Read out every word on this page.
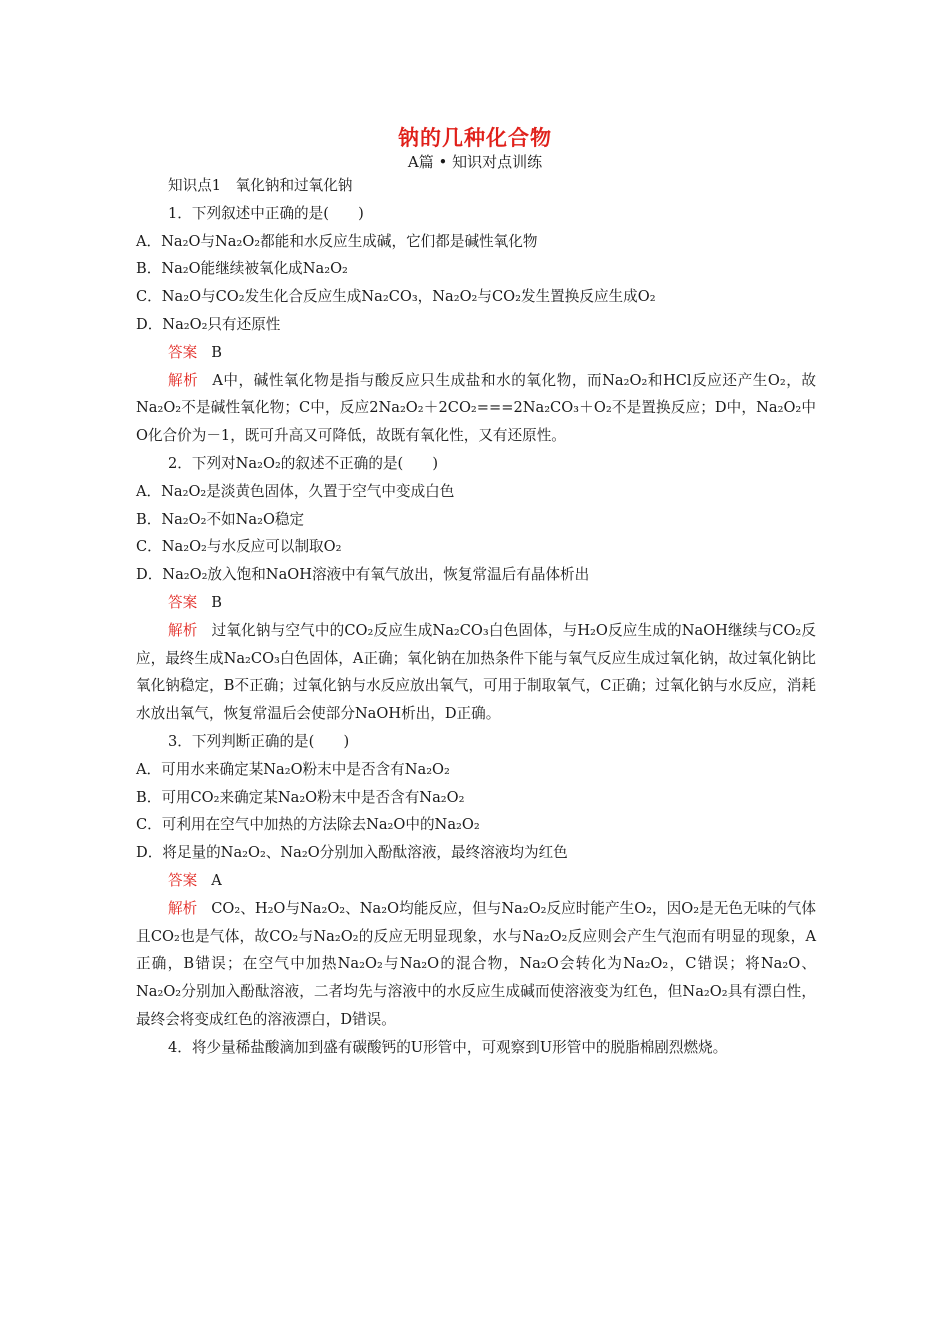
钠的几种化合物
A篇 • 知识对点训练
知识点1　氧化钠和过氧化钠
1．下列叙述中正确的是(　　)
A．Na₂O与Na₂O₂都能和水反应生成碱，它们都是碱性氧化物
B．Na₂O能继续被氧化成Na₂O₂
C．Na₂O与CO₂发生化合反应生成Na₂CO₃，Na₂O₂与CO₂发生置换反应生成O₂
D．Na₂O₂只有还原性
答案 B
解析 A中，碱性氧化物是指与酸反应只生成盐和水的氧化物，而Na₂O₂和HCl反应还产生O₂，故Na₂O₂不是碱性氧化物；C中，反应2Na₂O₂＋2CO₂===2Na₂CO₃＋O₂不是置换反应；D中，Na₂O₂中O化合价为－1，既可升高又可降低，故既有氧化性，又有还原性。
2．下列对Na₂O₂的叙述不正确的是(　　)
A．Na₂O₂是淡黄色固体，久置于空气中变成白色
B．Na₂O₂不如Na₂O稳定
C．Na₂O₂与水反应可以制取O₂
D．Na₂O₂放入饱和NaOH溶液中有氧气放出，恢复常温后有晶体析出
答案 B
解析 过氧化钠与空气中的CO₂反应生成Na₂CO₃白色固体，与H₂O反应生成的NaOH继续与CO₂反应，最终生成Na₂CO₃白色固体，A正确；氧化钠在加热条件下能与氧气反应生成过氧化钠，故过氧化钠比氧化钠稳定，B不正确；过氧化钠与水反应放出氧气，可用于制取氧气，C正确；过氧化钠与水反应，消耗水放出氧气，恢复常温后会使部分NaOH析出，D正确。
3．下列判断正确的是(　　)
A．可用水来确定某Na₂O粉末中是否含有Na₂O₂
B．可用CO₂来确定某Na₂O粉末中是否含有Na₂O₂
C．可利用在空气中加热的方法除去Na₂O中的Na₂O₂
D．将足量的Na₂O₂、Na₂O分别加入酚酞溶液，最终溶液均为红色
答案 A
解析 CO₂、H₂O与Na₂O₂、Na₂O均能反应，但与Na₂O₂反应时能产生O₂，因O₂是无色无味的气体且CO₂也是气体，故CO₂与Na₂O₂的反应无明显现象，水与Na₂O₂反应则会产生气泡而有明显的现象，A正确，B错误；在空气中加热Na₂O₂与Na₂O的混合物，Na₂O会转化为Na₂O₂，C错误；将Na₂O、Na₂O₂分别加入酚酞溶液，二者均先与溶液中的水反应生成碱而使溶液变为红色，但Na₂O₂具有漂白性，最终会将变成红色的溶液漂白，D错误。
4．将少量稀盐酸滴加到盛有碳酸钙的U形管中，可观察到U形管中的脱脂棉剧烈燃烧。
